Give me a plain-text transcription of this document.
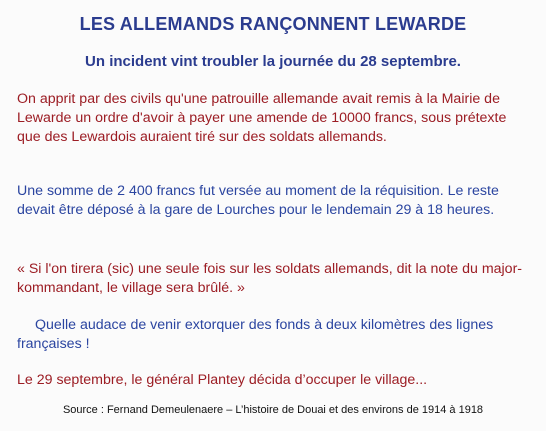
LES ALLEMANDS RANÇONNENT LEWARDE
Un incident vint troubler la journée du 28 septembre.

On apprit par des civils qu'une patrouille allemande avait remis à la Mairie de Lewarde un ordre d'avoir à payer une amende de 10000 francs, sous prétexte que des Lewardois auraient tiré sur des soldats allemands.

Une somme de 2 400 francs fut versée au moment de la réquisition. Le reste devait être déposé à la gare de Lourches pour le lendemain 29 à 18 heures.

« Si l'on tirera (sic) une seule fois sur les soldats allemands, dit la note du major-kommandant, le village sera brûlé. »

Quelle audace de venir extorquer des fonds à deux kilomètres des lignes françaises !

Le 29 septembre, le général Plantey décida d’occuper le village...

Source : Fernand Demeulenaere – L’histoire de Douai et des environs de 1914 à 1918
